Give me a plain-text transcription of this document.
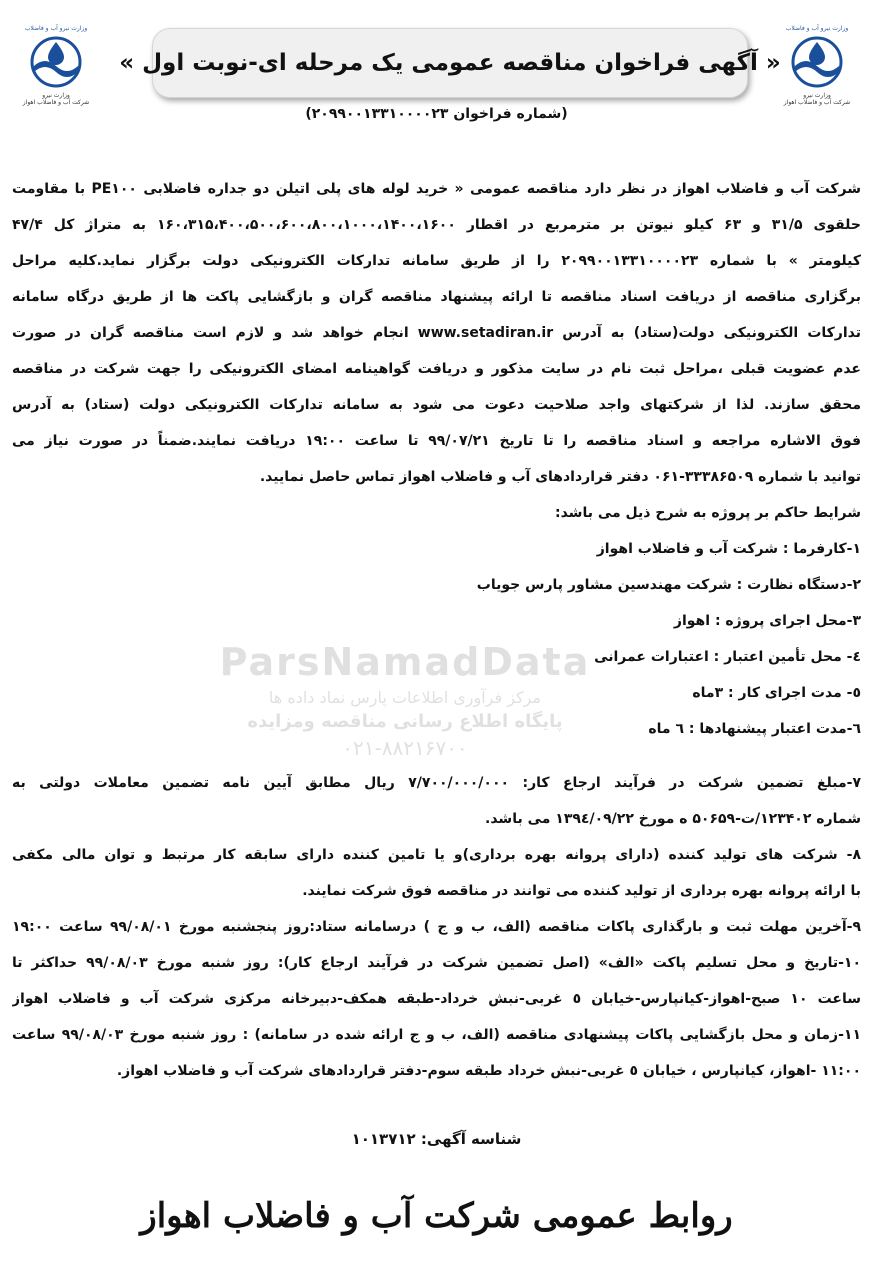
وزارت نیرو آب و فاضلاب
وزارت نیرو
شرکت آب و فاضلاب اهواز
وزارت نیرو آب و فاضلاب
وزارت نیرو
شرکت آب و فاضلاب اهواز
« آگهی فراخوان مناقصه عمومی یک مرحله ای-نوبت اول »
(شماره فراخوان ۲۰۹۹۰۰۱۳۳۱۰۰۰۰۲۳)
ParsNamadData
مرکز فرآوری اطلاعات پارس نماد داده ها
پایگاه اطلاع رسانی مناقصه ومزایده
۰۲۱-۸۸۲۱۶۷۰۰
شرکت آب و فاضلاب اهواز در نظر دارد مناقصه عمومی « خرید لوله های پلی اتیلن دو جداره فاضلابی PE۱۰۰ با مقاومت
حلقوی ۳۱/۵ و ۶۳ کیلو نیوتن بر مترمربع در اقطار ۱۶۰،۳۱۵،۴۰۰،۵۰۰،۶۰۰،۸۰۰،۱۰۰۰،۱۴۰۰،۱۶۰۰ به متراژ کل ۴۷/۴
کیلومتر » با شماره ۲۰۹۹۰۰۱۳۳۱۰۰۰۰۲۳ را از طریق سامانه تدارکات الکترونیکی دولت برگزار نماید.کلیه مراحل
برگزاری مناقصه از دریافت اسناد مناقصه تا ارائه پیشنهاد مناقصه گران و بازگشایی پاکت ها از طریق درگاه سامانه
تدارکات الکترونیکی دولت(ستاد) به آدرس www.setadiran.ir انجام خواهد شد و لازم است مناقصه گران در صورت
عدم عضویت قبلی ،مراحل ثبت نام در سایت مذکور و دریافت گواهینامه امضای الکترونیکی را جهت شرکت در مناقصه
محقق سازند. لذا از شرکتهای واجد صلاحیت دعوت می شود به سامانه تدارکات الکترونیکی دولت (ستاد) به آدرس
فوق الاشاره مراجعه و اسناد مناقصه را تا تاریخ ۹۹/۰۷/۲۱ تا ساعت ۱۹:۰۰ دریافت نمایند.ضمناً در صورت نیاز می
توانید با شماره ۳۳۳۸۶۵۰۹-۰۶۱ دفتر قراردادهای آب و فاضلاب اهواز تماس حاصل نمایید.
شرایط حاکم بر پروژه به شرح ذیل می باشد:
۱-کارفرما : شرکت آب و فاضلاب اهواز
۲-دستگاه نظارت : شرکت مهندسین مشاور پارس جویاب
۳-محل اجرای پروژه : اهواز
٤- محل تأمین اعتبار : اعتبارات عمرانی
٥- مدت اجرای کار : ۳ماه
٦-مدت اعتبار پیشنهادها : ٦ ماه
۷-مبلغ تضمین شرکت در فرآیند ارجاع کار: ۷/۷۰۰/۰۰۰/۰۰۰ ریال مطابق آیین نامه تضمین معاملات دولتی به
شماره ۱۲۳۴۰۲/ت-۵۰۶۵۹ ه مورخ ۱۳۹٤/۰۹/۲۲ می باشد.
۸- شرکت های تولید کننده (دارای پروانه بهره برداری)و یا تامین کننده دارای سابقه کار مرتبط و توان مالی مکفی
با ارائه پروانه بهره برداری از تولید کننده می توانند در مناقصه فوق شرکت نمایند.
۹-آخرین مهلت ثبت و بارگذاری پاکات مناقصه (الف، ب و ج ) درسامانه ستاد:روز پنجشنبه مورخ ۹۹/۰۸/۰۱ ساعت ۱۹:۰۰
۱۰-تاریخ و محل تسلیم پاکت «الف» (اصل تضمین شرکت در فرآیند ارجاع کار): روز شنبه مورخ ۹۹/۰۸/۰۳ حداکثر تا
ساعت ۱۰ صبح-اهواز-کیانپارس-خیابان ٥ غربی-نبش خرداد-طبقه همکف-دبیرخانه مرکزی شرکت آب و فاضلاب اهواز
۱۱-زمان و محل بازگشایی پاکات پیشنهادی مناقصه (الف، ب و ج ارائه شده در سامانه) : روز شنبه مورخ ۹۹/۰۸/۰۳ ساعت
۱۱:۰۰ -اهواز، کیانپارس ، خیابان ٥ غربی-نبش خرداد طبقه سوم-دفتر قراردادهای شرکت آب و فاضلاب اهواز.
شناسه آگهی: ۱۰۱۳۷۱۲
روابط عمومی شرکت آب و فاضلاب اهواز
